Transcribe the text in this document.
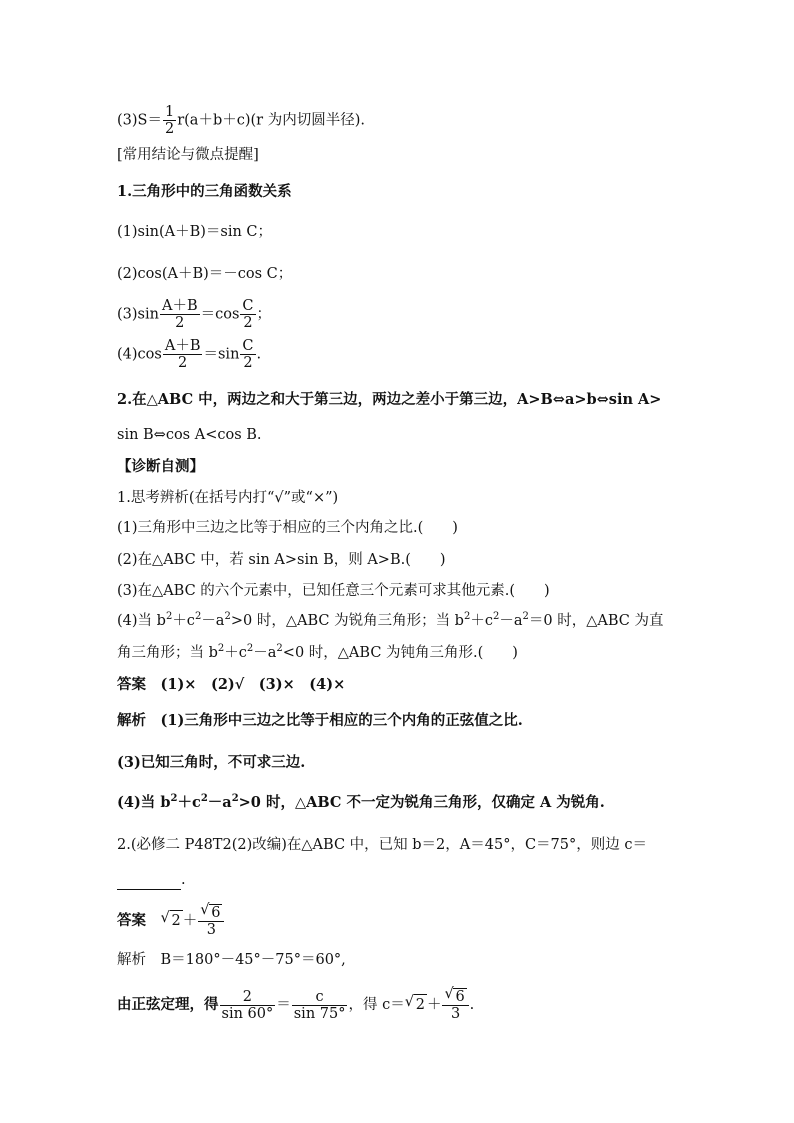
$(3)S= \frac{1}{2} r(a+b+c)(r$ 为内切圆半径).
[常用结论与微点提醒]
1.三角形中的三角函数关系
(1)sin(A＋B)＝sin C；
(2)cos(A＋B)＝－cos C；
$(3)\sin \frac{A+B}{2} =\cos \frac{C}{2}$ ；
$(4)\cos \frac{A+B}{2} =\sin \frac{C}{2}$ .
2.在△ABC 中，两边之和大于第三边，两边之差小于第三边，A>B⇔a>b⇔sin A>
sin B⇔cos A<cos B.
【诊断自测】
1.思考辨析(在括号内打“√”或“×”)
(1)三角形中三边之比等于相应的三个内角之比.(　　)
(2)在△ABC 中，若 sin A>sin B，则 A>B.(　　)
(3)在△ABC 的六个元素中，已知任意三个元素可求其他元素.(　　)
(4)当 $b^2+c^2-a^2>0$ 时，△ABC 为锐角三角形；当 $b^2+c^2-a^2=0$ 时，△ABC 为直
角三角形；当 $b^2+c^2-a^2<0$ 时，△ABC 为钝角三角形.(　　)
答案　(1)×　(2)√　(3)×　(4)×
解析　(1)三角形中三边之比等于相应的三个内角的正弦值之比.
(3)已知三角时，不可求三边.
(4)当 $b^2+c^2-a^2>0$ 时，△ABC 不一定为锐角三角形，仅确定 A 为锐角.
2.(必修二 P48T2(2)改编)在△ABC 中，已知 b＝2，A＝45°，C＝75°，则边 c＝
.
答案　√ 2 ＋ √ $\frac{6}{3}$
解析　B＝180°－45°－75°＝60°,
由正弦定理，得 $\frac{2}{\sin 60^\circ} = \frac{c}{\sin 75^\circ}$ ，得 c＝ √ 2 ＋ √ $\frac{6}{3}$ .
